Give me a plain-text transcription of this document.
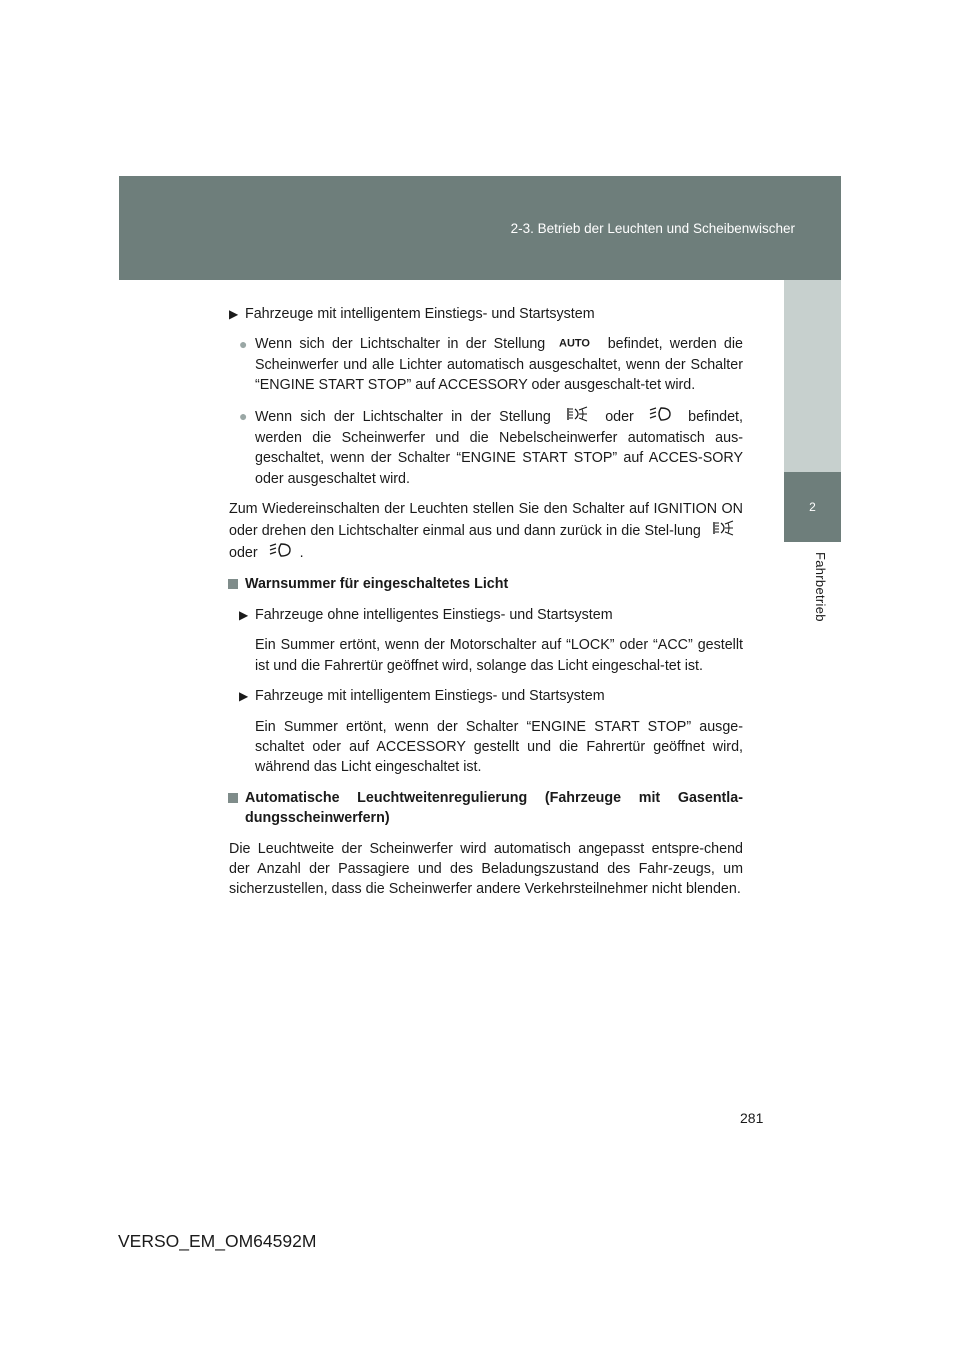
2-3. Betrieb der Leuchten und Scheibenwischer
2
Fahrbetrieb

▶ Fahrzeuge mit intelligentem Einstiegs- und Startsystem

● Wenn sich der Lichtschalter in der Stellung AUTO befindet, werden die Scheinwerfer und alle Lichter automatisch ausgeschaltet, wenn der Schalter “ENGINE START STOP” auf ACCESSORY oder ausgeschalt-tet wird.
● Wenn sich der Lichtschalter in der Stellung	oder	befindet, werden die Scheinwerfer und die Nebelscheinwerfer automatisch aus-geschaltet, wenn der Schalter “ENGINE START STOP” auf ACCES-SORY oder ausgeschaltet wird.

Zum Wiedereinschalten der Leuchten stellen Sie den Schalter auf IGNITION ON oder drehen den Lichtschalter einmal aus und dann zurück in die Stel-lung  oder	.

Warnsummer für eingeschaltetes Licht

▶ Fahrzeuge ohne intelligentes Einstiegs- und Startsystem

Ein Summer ertönt, wenn der Motorschalter auf “LOCK” oder “ACC” gestellt ist und die Fahrertür geöffnet wird, solange das Licht eingeschal-tet ist.

▶ Fahrzeuge mit intelligentem Einstiegs- und Startsystem

Ein Summer ertönt, wenn der Schalter “ENGINE START STOP” ausge-schaltet oder auf ACCESSORY gestellt und die Fahrertür geöffnet wird, während das Licht eingeschaltet ist.

Automatische Leuchtweitenregulierung (Fahrzeuge mit Gasentla-dungsscheinwerfern)

Die Leuchtweite der Scheinwerfer wird automatisch angepasst entspre-chend der Anzahl der Passagiere und des Beladungszustand des Fahr-zeugs, um sicherzustellen, dass die Scheinwerfer andere Verkehrsteilnehmer nicht blenden.

281
VERSO_EM_OM64592M
